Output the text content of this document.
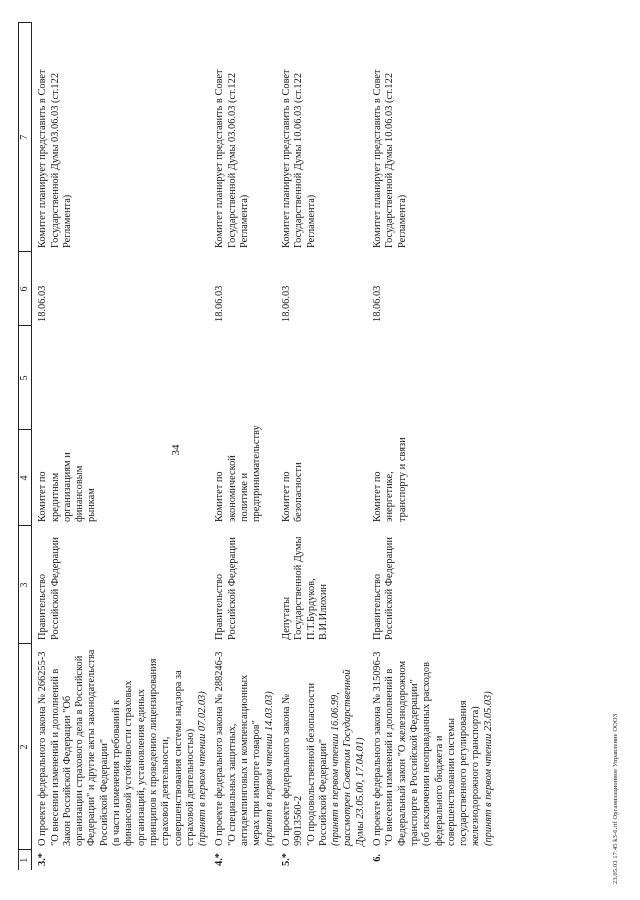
34
1	2	3	4	5	6	7
3.*	О проекте федерального закона № 266255-3 "О внесении изменений и дополнений в Закон Российской Федерации "Об организации страхового дела в Российской Федерации" и другие акты законодательства Российской Федерации" (в части изменения требований к финансовой устойчивости страховых организаций, установления единых принципов к проведению лицензирования страховой деятельности, совершенствования системы надзора за страховой деятельностью) (принят в первом чтении 07.02.03)	Правительство Российской Федерации	Комитет по кредитным организациям и финансовым рынкам		18.06.03	Комитет планирует представить в Совет Государственной Думы 03.06.03 (ст.122 Регламента)
4.*	О проекте федерального закона № 288246-3 "О специальных защитных, антидемпинговых и компенсационных мерах при импорте товаров" (принят в первом чтении 14.03.03)	Правительство Российской Федерации	Комитет по экономической политике и предпринимательству		18.06.03	Комитет планирует представить в Совет Государственной Думы 03.06.03 (ст.122 Регламента)
5.*	О проекте федерального закона № 99013560-2 "О продовольственной безопасности Российской Федерации" (принят в первом чтении 16.06.99, рассмотрен Советом Государственной Думы 23.05.00, 17.04.01)	Депутаты Государственной Думы П.Т.Бурдуков, В.И.Илюхин	Комитет по безопасности		18.06.03	Комитет планирует представить в Совет Государственной Думы 10.06.03 (ст.122 Регламента)
6.	О проекте федерального закона № 315096-3 "О внесении изменений и дополнений в Федеральный закон "О железнодорожном транспорте в Российской Федерации" (об исключении неоправданных расходов федерального бюджета и совершенствовании системы государственного регулирования железнодорожного транспорта) (принят в первом чтении 23.05.03)	Правительство Российской Федерации	Комитет по энергетике, транспорту и связи		18.06.03	Комитет планирует представить в Совет Государственной Думы 10.06.03 (ст.122 Регламента)
23.05.03 17:45 k3-6.rtf Организационное Управление ОООЗ
